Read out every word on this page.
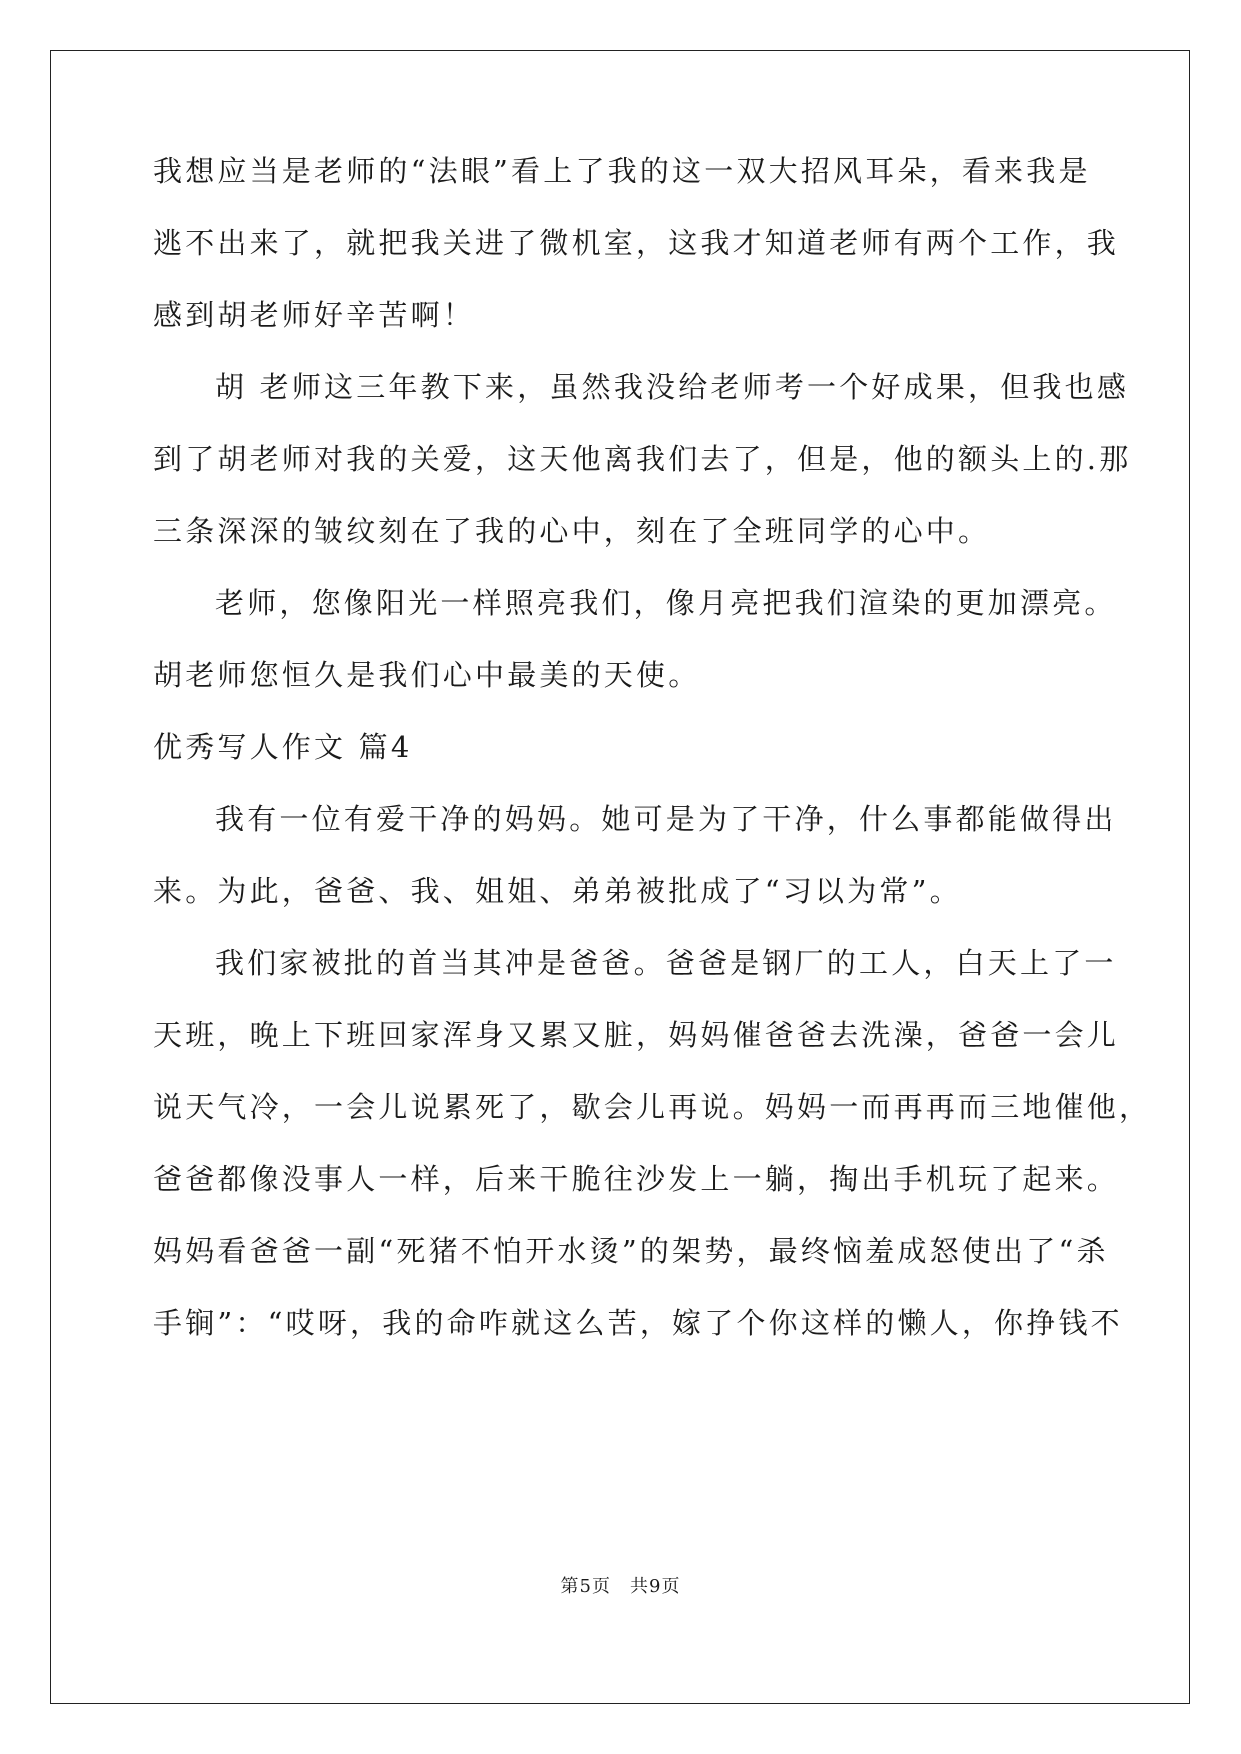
我想应当是老师的“法眼”看上了我的这一双大招风耳朵，看来我是
逃不出来了，就把我关进了微机室，这我才知道老师有两个工作，我
感到胡老师好辛苦啊！
胡 老师这三年教下来，虽然我没给老师考一个好成果，但我也感
到了胡老师对我的关爱，这天他离我们去了，但是，他的额头上的.那
三条深深的皱纹刻在了我的心中，刻在了全班同学的心中。
老师，您像阳光一样照亮我们，像月亮把我们渲染的更加漂亮。
胡老师您恒久是我们心中最美的天使。
优秀写人作文 篇4
我有一位有爱干净的妈妈。她可是为了干净，什么事都能做得出
来。为此，爸爸、我、姐姐、弟弟被批成了“习以为常”。
我们家被批的首当其冲是爸爸。爸爸是钢厂的工人，白天上了一
天班，晚上下班回家浑身又累又脏，妈妈催爸爸去洗澡，爸爸一会儿
说天气冷，一会儿说累死了，歇会儿再说。妈妈一而再再而三地催他，
爸爸都像没事人一样，后来干脆往沙发上一躺，掏出手机玩了起来。
妈妈看爸爸一副“死猪不怕开水烫”的架势，最终恼羞成怒使出了“杀
手锏”：“哎呀，我的命咋就这么苦，嫁了个你这样的懒人，你挣钱不
第5页　共9页
